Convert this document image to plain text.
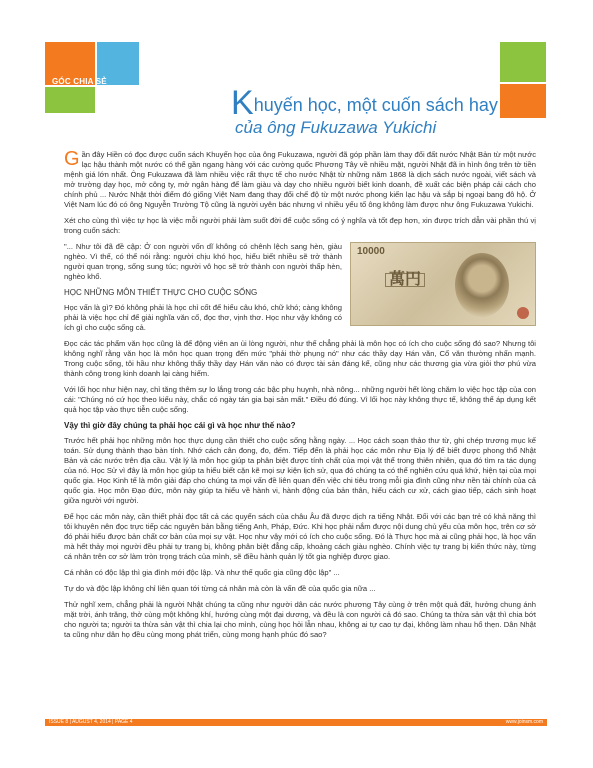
GÓC CHIA SẺ
Khuyến học, một cuốn sách hay
của ông Fukuzawa Yukichi

Gần đây Hiền có đọc được cuốn sách Khuyến học của ông Fukuzawa, người đã góp phần làm thay đổi đất nước Nhật Bản từ một nước lạc hậu thành một nước có thể gần ngang hàng với các cường quốc Phương Tây về nhiều mặt, người Nhật đã in hình ông trên tờ tiền mệnh giá lớn nhất. Ông Fukuzawa đã làm nhiều việc rất thực tế cho nước Nhật từ những năm 1868 là dịch sách nước ngoài, viết sách và mở trường dạy học, mở công ty, mở ngân hàng để làm giàu và dạy cho nhiều người biết kinh doanh, đề xuất các biện pháp cải cách cho chính phủ ... Nước Nhật thời điểm đó giống Việt Nam đang thay đổi chế độ từ một nước phong kiến lạc hậu và sắp bị ngoại bang đô hộ. Ở Việt Nam lúc đó có ông Nguyễn Trường Tộ cũng là người uyên bác nhưng vì nhiều yếu tố ông không làm được như ông Fukuzawa Yukichi.

Xét cho cùng thì việc tự học là việc mỗi người phải làm suốt đời để cuộc sống có ý nghĩa và tốt đẹp hơn, xin được trích dẫn vài phần thú vị trong cuốn sách:

10000
萬円

"... Như tôi đã đề cập: Ở con người vốn dĩ không có chênh lệch sang hèn, giàu nghèo. Vì thế, có thể nói rằng: người chịu khó học, hiểu biết nhiều sẽ trở thành người quan trọng, sống sung túc; người vô học sẽ trở thành con người thấp hèn, nghèo khổ.

HỌC NHỮNG MÔN THIẾT THỰC CHO CUỘC SỐNG

Học vấn là gì? Đó không phải là học chỉ cốt để hiểu câu khó, chữ khó; càng không phải là việc học chỉ để giải nghĩa văn cổ, đọc thơ, vịnh thơ. Học như vậy không có ích gì cho cuộc sống cả.

Đọc các tác phẩm văn học cũng là để động viên an ủi lòng người, như thế chẳng phải là môn học có ích cho cuộc sống đó sao? Nhưng tôi không nghĩ rằng văn học là môn học quan trọng đến mức "phải thờ phụng nó" như các thầy dạy Hán văn, Cổ văn thường nhấn mạnh. Trong cuộc sống, tôi hầu như không thấy thầy dạy Hán văn nào có được tài sản đáng kể, cũng như các thương gia vừa giỏi thơ phú vừa thành công trong kinh doanh lại càng hiếm.

Với lối học như hiện nay, chỉ tăng thêm sự lo lắng trong các bậc phụ huynh, nhà nông... những người hết lòng chăm lo việc học tập của con cái: "Chúng nó cứ học theo kiểu này, chắc có ngày tán gia bại sản mất." Điều đó đúng. Vì lối học này không thực tế, không thể áp dụng kết quả học tập vào thực tiễn cuộc sống.

Vậy thì giờ đây chúng ta phải học cái gì và học như thế nào?

Trước hết phải học những môn học thực dụng cần thiết cho cuộc sống hằng ngày. ... Học cách soạn thảo thư từ, ghi chép trương mục kế toán. Sử dụng thành thạo bàn tính. Nhớ cách cân đong, đo, đếm. Tiếp đến là phải học các môn như Địa lý để biết được phong thổ Nhật Bản và các nước trên địa cầu. Vật lý là môn học giúp ta phân biệt được tính chất của mọi vật thể trong thiên nhiên, qua đó tìm ra tác dụng của nó. Học Sử vì đây là môn học giúp ta hiểu biết cặn kẽ mọi sự kiện lịch sử, qua đó chúng ta có thể nghiên cứu quá khứ, hiện tại của mọi quốc gia. Học Kinh tế là môn giải đáp cho chúng ta mọi vấn đề liên quan đến việc chi tiêu trong mỗi gia đình cũng như nền tài chính của cả quốc gia. Học môn Đạo đức, môn này giúp ta hiểu về hành vi, hành động của bản thân, hiểu cách cư xử, cách giao tiếp, cách sinh hoạt giữa người với người.

Để học các môn này, cần thiết phải đọc tất cả các quyển sách của châu Âu đã được dịch ra tiếng Nhật. Đối với các bạn trẻ có khả năng thì tôi khuyên nên đọc trực tiếp các nguyên bản bằng tiếng Anh, Pháp, Đức. Khi học phải nắm được nội dung chủ yếu của môn học, trên cơ sở đó phải hiểu được bản chất cơ bản của mọi sự vật. Học như vậy mới có ích cho cuộc sống. Đó là Thực học mà ai cũng phải học, là học vấn mà hết thảy mọi người đều phải tự trang bị, không phân biệt đẳng cấp, khoảng cách giàu nghèo. Chính việc tự trang bị kiến thức này, từng cá nhân trên cơ sở làm tròn trọng trách của mình, sẽ điều hành quản lý tốt gia nghiệp được giao.

Cá nhân có độc lập thì gia đình mới độc lập. Và như thế quốc gia cũng độc lập" ...

Tự do và độc lập không chỉ liên quan tới từng cá nhân mà còn là vấn đề của quốc gia nữa ...

Thử nghĩ xem, chẳng phải là người Nhật chúng ta cũng như người dân các nước phương Tây cùng ở trên một quả đất, hưởng chung ánh mặt trời, ánh trăng, thở cùng một không khí, hướng cùng một đại dương, và đều là con người cả đó sao. Chúng ta thừa sản vật thì chia bớt cho người ta; người ta thừa sản vật thì chia lại cho mình, cùng học hỏi lẫn nhau, không ai tự cao tự đại, không làm nhau hổ thẹn. Dân Nhật ta cũng như dân họ đều cùng mong phát triển, cùng mong hạnh phúc đó sao?

ISSUE 8 | AUGUST 4, 2014 | PAGE 4	www.joinsm.com
